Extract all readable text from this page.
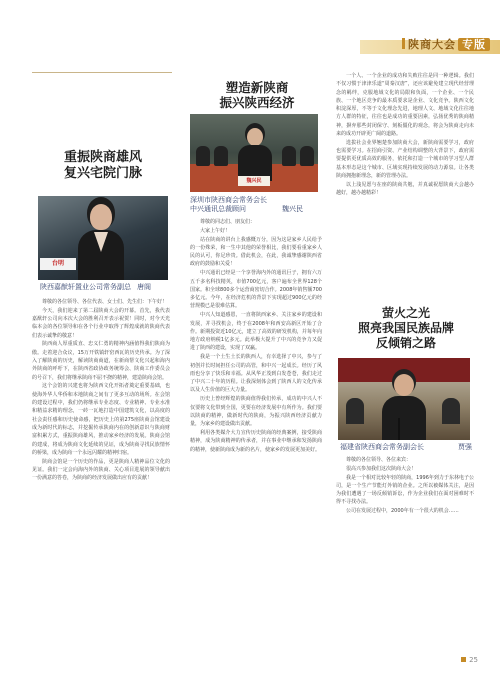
陕商大会 专版
重振陕商雄风
复兴宅院门脉
台明
陕西嘉猷轩置业公司常务副总 唐阁

尊敬的各位领导、各位代表、女士们、先生们：下午好！

今天，我们迎来了第二届陕商大会的开幕。首先，我代表嘉猷轩公司向本次大会的胜利召开表示祝贺！同时，对今天光临本会的各位领导和在各个行业中取得了辉煌成就的陕商代表们表示诚挚的敬意！

陕西商人厚重质直、忠义仁勇的精神内涵值得我们陕商为傲。走着迎合众议，15万开铁镇轩窑西瓦的历史传承。为了深入了解陕商的历史，解读陕商商道，在新商帮文化兴起和海内外陕商的呼吁下，在陕西省政协政务统筹会、陕商工作委员会的号召下，我们将继承陕商不屈不挠的精神，建造陕商会馆。

这个会馆的兴建也将为陕西文化开拓者奠定重要基础，也使海外华人华侨和本地陕商之间有了更多互动的场所。在会馆的建设过程中，我们仍将继承专业态度、专业精神、专业水准和精益求精的理念，一砖一瓦地打造中国建筑文化，以高度的社会责任感和历史使命感，把历史上的第275座陕商会馆建设成为新时代的标志，并挖掘传承陕商内在的创新意识与陕商财富积累方式，重振陕商雄风，推动家乡经济的发展。陕商会馆的建成，将成为陕商文化延续的见证，成为陕商寻找民族情怀的桥梁，成为陕商一个永远闪耀的精神归宿。

陕商会馆是一个历史的作品，更是陕商人精神品位文化的见证。我们一定会向海内外的陕商、关心项目进展的领导献出一份满意的答卷，为陕商的经济发展做出应有的贡献！

塑造新陕商
振兴陕西经济
魏兴民
深圳市陕西商会常务会长
中兴通讯总裁顾问	魏兴民

尊敬的同志们、朋友们：

大家上午好！

站在陕商的讲台上我感慨万分，因为这是家乡人民给予的一份殊荣，和一生中其他的荣誉相比，我们要看重家乡人民的认可，你足珍贵。借此机会，在此，我诚挚感谢陕西省政府的鼓励和关爱！

中兴通讯已经是一个享誉海内外的通讯巨子，拥有六万五千多名科技精英，市值700亿元，客户遍布全世界128个国家。和全球800多个运营商密切合作。2008年销售额700多亿元。今年，在经济危机的背景下实现超过900亿元的经营规模已是很难估算。

中兴人知道感恩，一直将陕西家乡、关注家乡的建设和发展，并寻找机会，终于在2008年和西安高新区开始了合作。新期投资近10亿元，建立了高效的研发机构，并每年向地方政府纳税1亿多元。此举极大提升了中兴的竞争力又促进了陕西的建设，实现了双赢。

我是一个土生土长的陕西人，有幸选择了中兴，参与了初创并长时间担任公司的高管，和中兴一起成长。经历了风雨也分享了快乐和幸福。从风华正茂到白发苍苍，我们走过了中兴二十年的历程。让我深刻体会到了陕西人的文化传承以及人生价值的巨大力量。

历史上曾经辉煌的陕商值得我们传承，成功的中兴人不仅要将文化带到全国，更要在经济发展中有所作为。我们要以陕商的精神，做新时代的陕商，为振兴陕西经济贡献力量，为家乡的建设做出贡献。

利用各类媒介大力宣传历史陕商的经典案例，接受陕商精神，成为陕商精神的传承者，并在事业中继承和发扬陕商的精神，使新陕商成为新的名片，使家乡的发展更加美好。

一个人、一个企业的成功和失败往往是同一种逻辑。我们不仅习惯于津津乐道“周秦汉唐”，还应该避免建立现代经营理念的羁绊，克服地域文化的局限和负面，一个企业、一个民族、一个地区竞争的最本质要求是企业、文化竞争。陕西文化积淀深厚，不等于文化理念先进，地理人文、地域文化往往地方人群的特征，往往也是成功的重要因素，弘扬优秀的陕商精神，摒弃那些封闭保守、刻板僵化的观念，将会为陕商走向未来的成功开辟更广阔的道路。

选拔社会业界翘楚参加陕商大会，新陕商需要学习，政府也需要学习。在招商引资、产业结构调整的大背景下，政府需要提供更优质高效的服务，依托和打造一个城市的学习型人群基本形态是这个城市、区域实现持续发展的动力源泉。让各类陕商拥抱新理念，新的管理办法。

以上浅见愿与在座的陕商共勉，并真诚祝愿陕商大会越办越好，越办越精彩！

萤火之光
照亮我国民族品牌
反倾销之路
福建省陕西商会常务副会长	贾强

尊敬的各位领导、各位来宾：

很高兴参加我们这次陕商大会！

我是一个相对比较年轻的陕商，1996年到力于东林电子公司，是一个生产节能灯外销的企业。之所以被媒体关注，是因为我们遭遇了一场反倾销诉讼，作为企业我们在面对困难时不得不寻找办法。

公司在发展过程中，2000年有一个很大的机会……

25
